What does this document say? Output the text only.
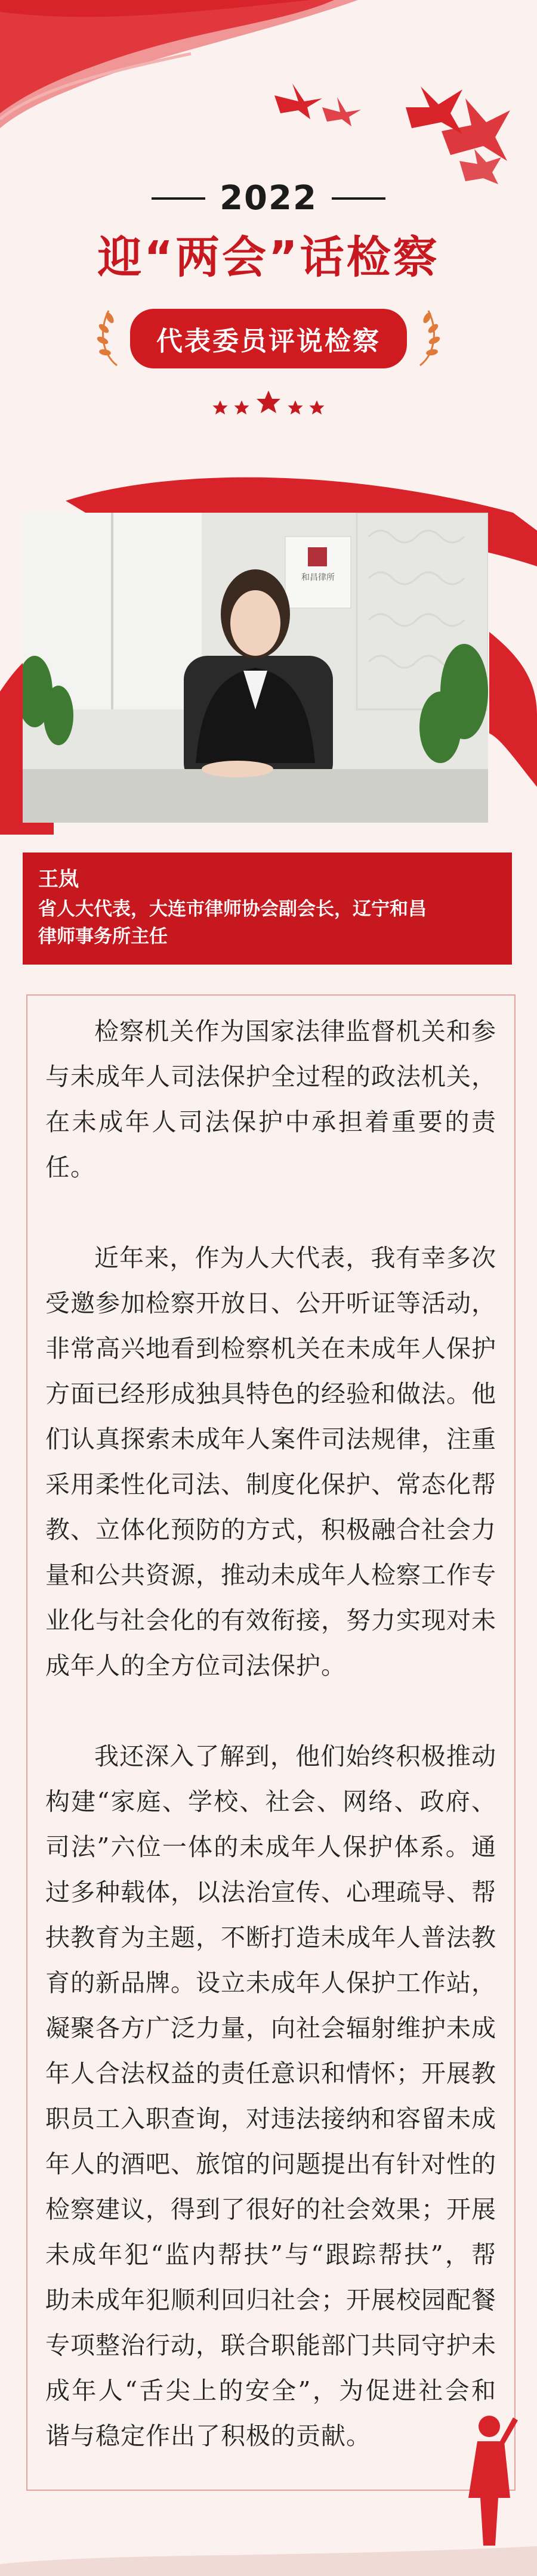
2022
迎“两会”话检察
代表委员评说检察
和昌律所
王岚
省人大代表，大连市律师协会副会长，辽宁和昌
律师事务所主任

检察机关作为国家法律监督机关和参与未成年人司法保护全过程的政法机关，在未成年人司法保护中承担着重要的责任。

近年来，作为人大代表，我有幸多次受邀参加检察开放日、公开听证等活动，非常高兴地看到检察机关在未成年人保护方面已经形成独具特色的经验和做法。他们认真探索未成年人案件司法规律，注重采用柔性化司法、制度化保护、常态化帮教、立体化预防的方式，积极融合社会力量和公共资源，推动未成年人检察工作专业化与社会化的有效衔接，努力实现对未成年人的全方位司法保护。

我还深入了解到，他们始终积极推动构建“家庭、学校、社会、网络、政府、司法”六位一体的未成年人保护体系。通过多种载体，以法治宣传、心理疏导、帮扶教育为主题，不断打造未成年人普法教育的新品牌。设立未成年人保护工作站，凝聚各方广泛力量，向社会辐射维护未成年人合法权益的责任意识和情怀；开展教职员工入职查询，对违法接纳和容留未成年人的酒吧、旅馆的问题提出有针对性的检察建议，得到了很好的社会效果；开展未成年犯“监内帮扶”与“跟踪帮扶”，帮助未成年犯顺利回归社会；开展校园配餐专项整治行动，联合职能部门共同守护未成年人“舌尖上的安全”，为促进社会和谐与稳定作出了积极的贡献。
